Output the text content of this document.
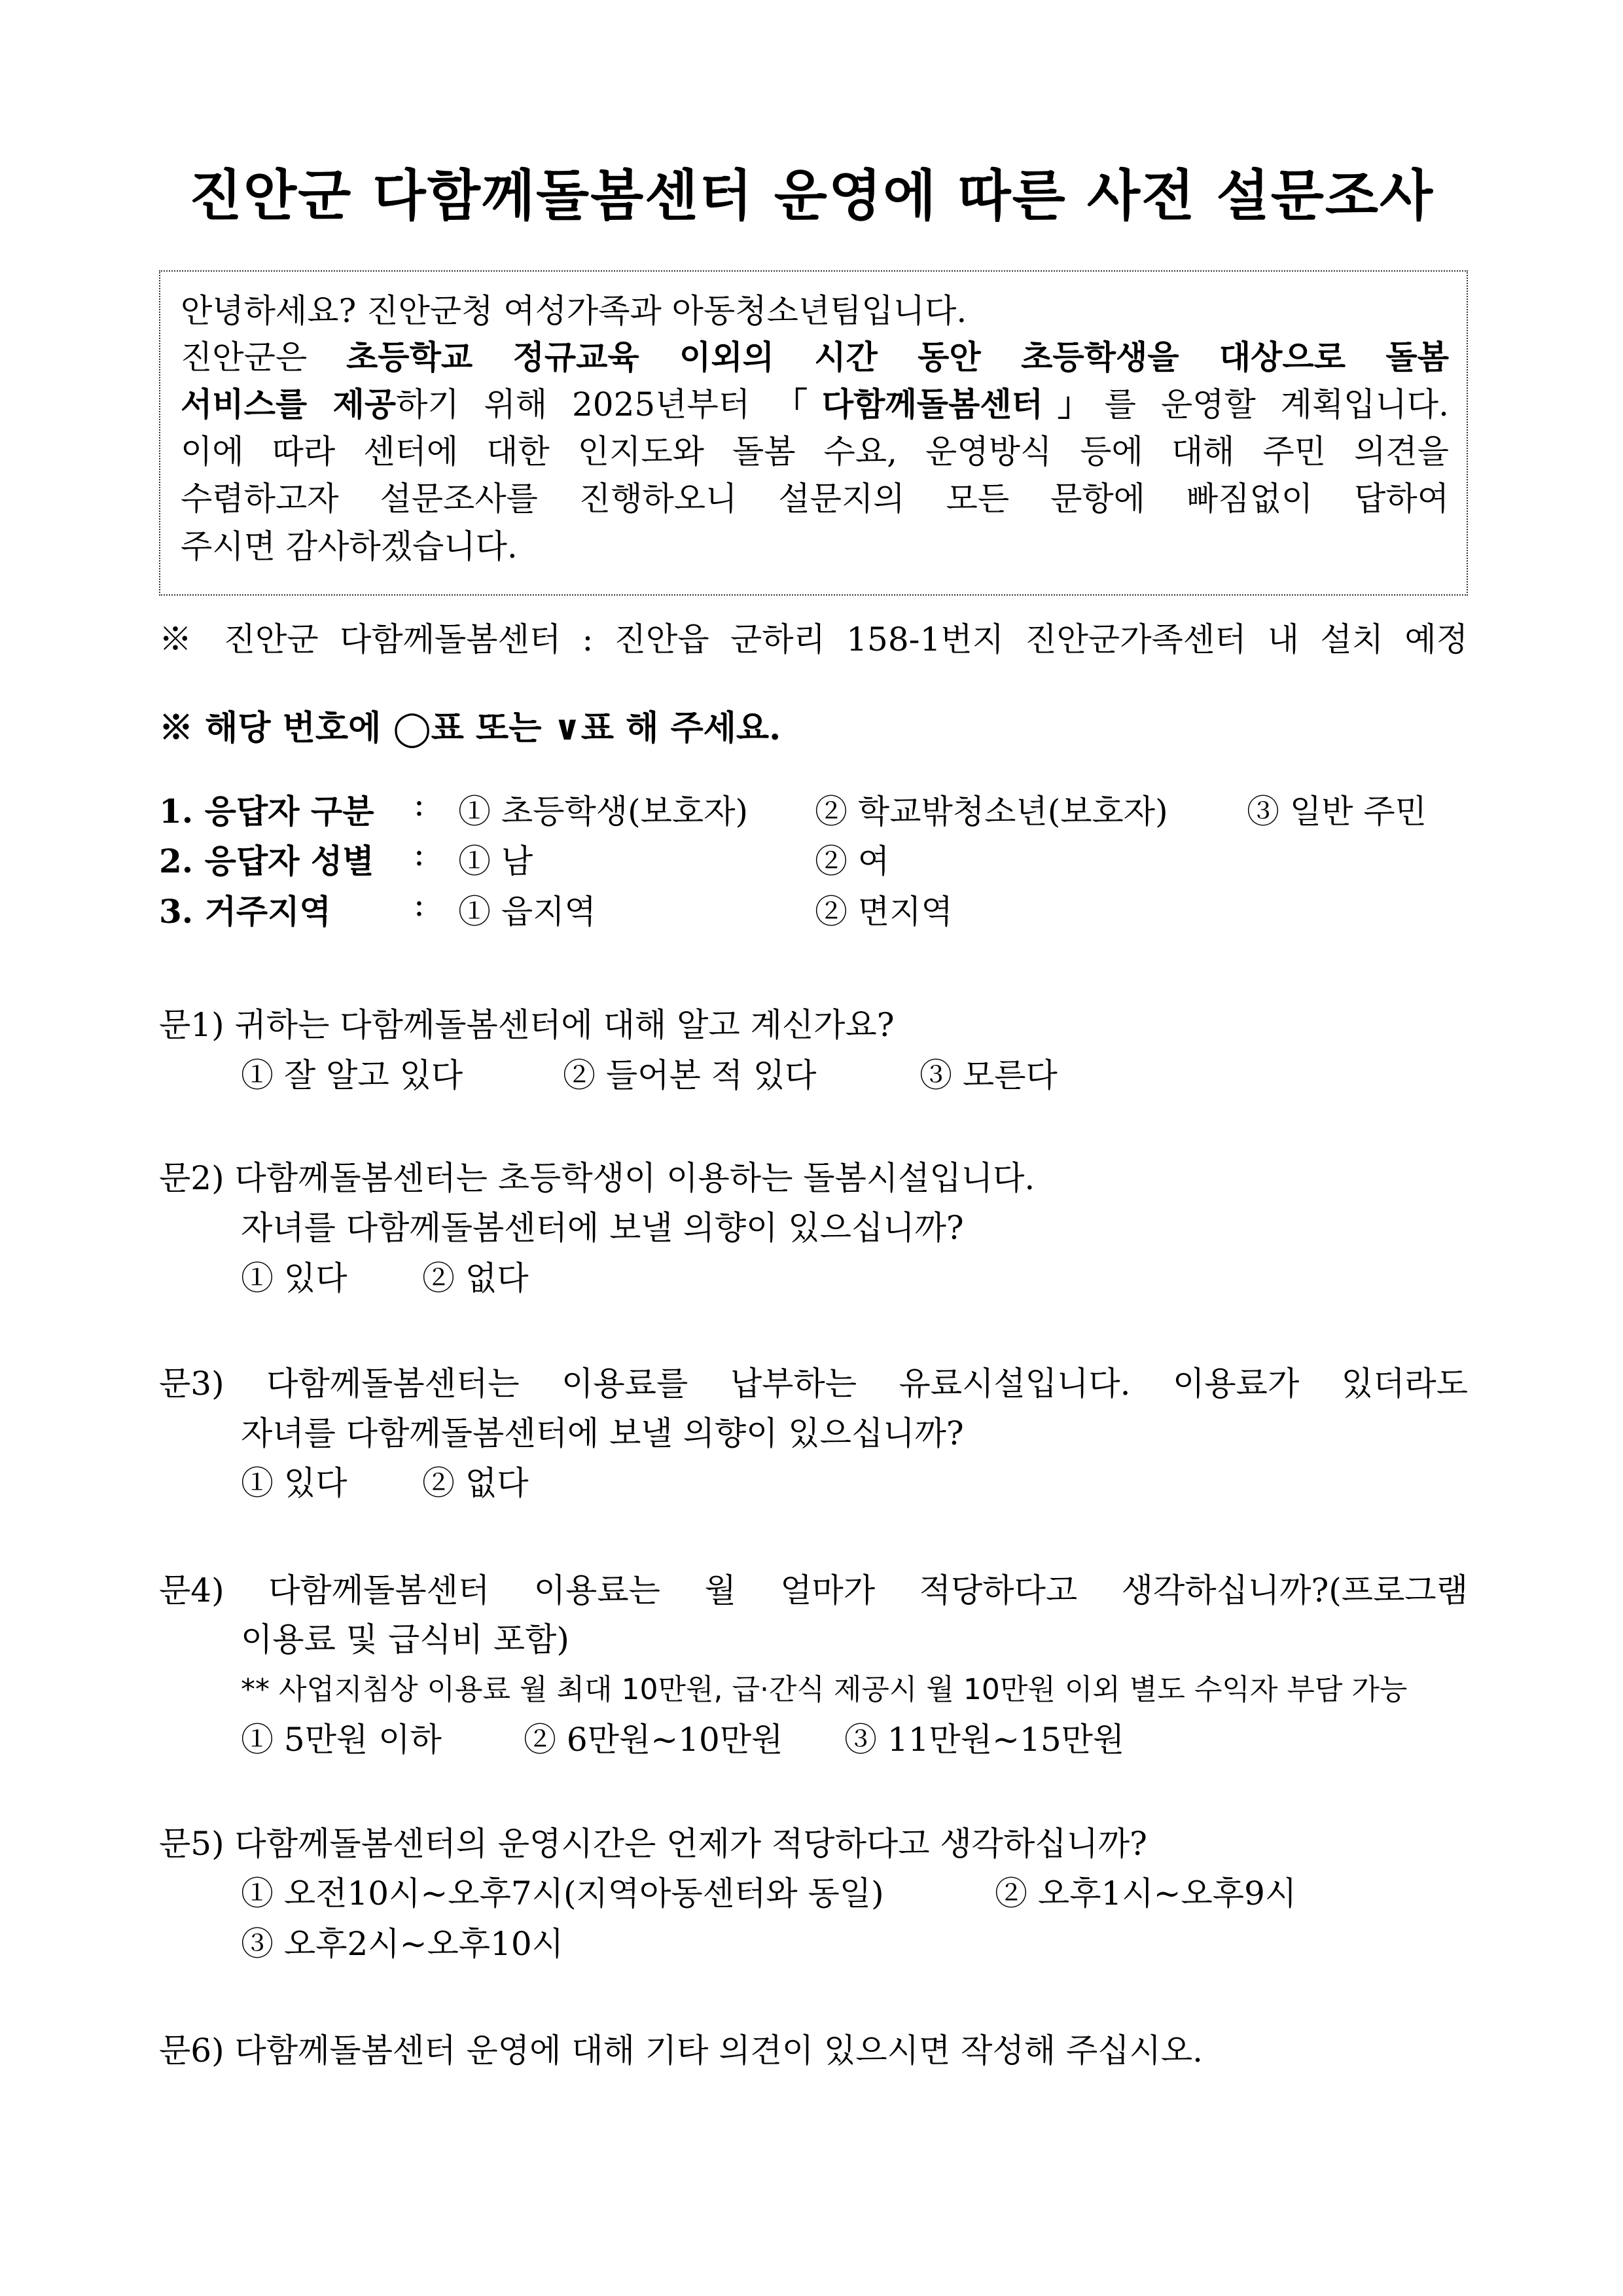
진안군 다함께돌봄센터 운영에 따른 사전 설문조사
안녕하세요? 진안군청 여성가족과 아동청소년팀입니다.
진안군은 초등학교 정규교육 이외의 시간 동안 초등학생을 대상으로 돌봄
서비스를 제공하기 위해 2025년부터 「다함께돌봄센터」를 운영할 계획입니다.
이에 따라 센터에 대한 인지도와 돌봄 수요, 운영방식 등에 대해 주민 의견을
수렴하고자 설문조사를 진행하오니 설문지의 모든 문항에 빠짐없이 답하여
주시면 감사하겠습니다.
※ 진안군 다함께돌봄센터 : 진안읍 군하리 158-1번지 진안군가족센터 내 설치 예정
※ 해당 번호에 ◯표 또는 ∨표 해 주세요.
1. 응답자 구분 : ① 초등학생(보호자) ② 학교밖청소년(보호자) ③ 일반 주민
2. 응답자 성별 : ① 남	② 여
3. 거주지역	: ① 읍지역	② 면지역
문1) 귀하는 다함께돌봄센터에 대해 알고 계신가요?
① 잘 알고 있다	② 들어본 적 있다	③ 모른다
문2) 다함께돌봄센터는 초등학생이 이용하는 돌봄시설입니다.
자녀를 다함께돌봄센터에 보낼 의향이 있으십니까?
① 있다 ② 없다
문3) 다함께돌봄센터는 이용료를 납부하는 유료시설입니다. 이용료가 있더라도
자녀를 다함께돌봄센터에 보낼 의향이 있으십니까?
① 있다 ② 없다
문4) 다함께돌봄센터 이용료는 월 얼마가 적당하다고 생각하십니까?(프로그램
이용료 및 급식비 포함)
** 사업지침상 이용료 월 최대 10만원, 급·간식 제공시 월 10만원 이외 별도 수익자 부담 가능
① 5만원 이하	② 6만원~10만원 ③ 11만원~15만원
문5) 다함께돌봄센터의 운영시간은 언제가 적당하다고 생각하십니까?
① 오전10시~오후7시(지역아동센터와 동일)	② 오후1시~오후9시
③ 오후2시~오후10시
문6) 다함께돌봄센터 운영에 대해 기타 의견이 있으시면 작성해 주십시오.
